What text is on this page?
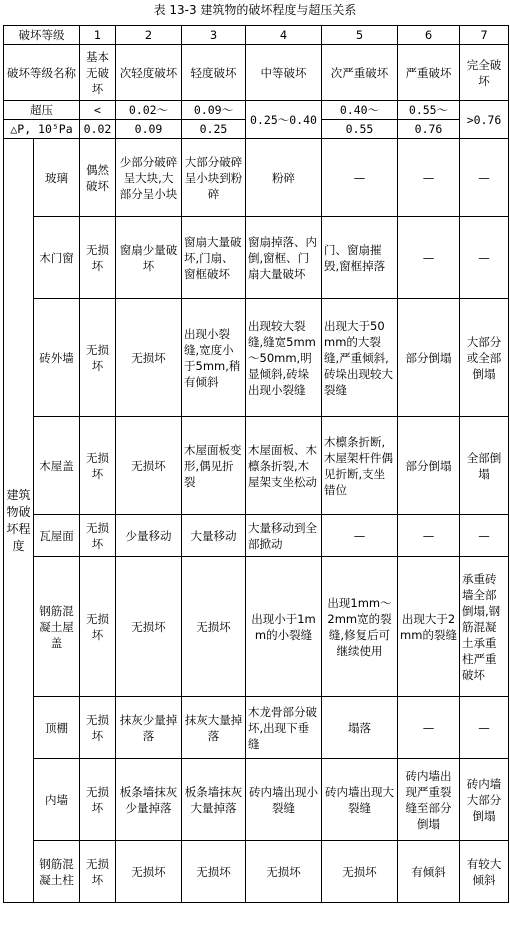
表 13-3 建筑物的破坏程度与超压关系
破坏等级		1	2	3	4	5	6	7
破坏等级名称		基本无破坏	次轻度破坏	轻度破坏	中等破坏	次严重破坏	严重破坏	完全破坏
超压		<	0.02～	0.09～	0.25～0.40	0.40～	0.55～	>0.76
△P, 10⁵Pa		0.02	0.09	0.25		0.55	0.76	
建筑物破坏程度	玻璃	偶然破坏	少部分破碎呈大块,大部分呈小块	大部分破碎呈小块到粉碎	粉碎	—	—	—
	木门窗	无损坏	窗扇少量破坏	窗扇大量破坏,门扇、窗框破坏	窗扇掉落、内倒,窗框、门扇大量破坏	门、窗扇摧毁,窗框掉落	—	—
	砖外墙	无损坏	无损坏	出现小裂缝,宽度小于5mm,稍有倾斜	出现较大裂缝,缝宽5mm～50mm,明显倾斜,砖垛出现小裂缝	出现大于50mm的大裂缝,严重倾斜,砖垛出现较大裂缝	部分倒塌	大部分或全部倒塌
	木屋盖	无损坏	无损坏	木屋面板变形,偶见折裂	木屋面板、木檩条折裂,木屋架支坐松动	木檩条折断,木屋架杆件偶见折断,支坐错位	部分倒塌	全部倒塌
	瓦屋面	无损坏	少量移动	大量移动	大量移动到全部掀动	—	—	—
	钢筋混凝土屋盖	无损坏	无损坏	无损坏	出现小于1mm的小裂缝	出现1mm～2mm宽的裂缝,修复后可继续使用	出现大于2mm的裂缝	承重砖墙全部倒塌,钢筋混凝土承重柱严重破坏
	顶棚	无损坏	抹灰少量掉落	抹灰大量掉落	木龙骨部分破坏,出现下垂缝	塌落	—	—
	内墙	无损坏	板条墙抹灰少量掉落	板条墙抹灰大量掉落	砖内墙出现小裂缝	砖内墙出现大裂缝	砖内墙出现严重裂缝至部分倒塌	砖内墙大部分倒塌
	钢筋混凝土柱	无损坏	无损坏	无损坏	无损坏	无损坏	有倾斜	有较大倾斜
